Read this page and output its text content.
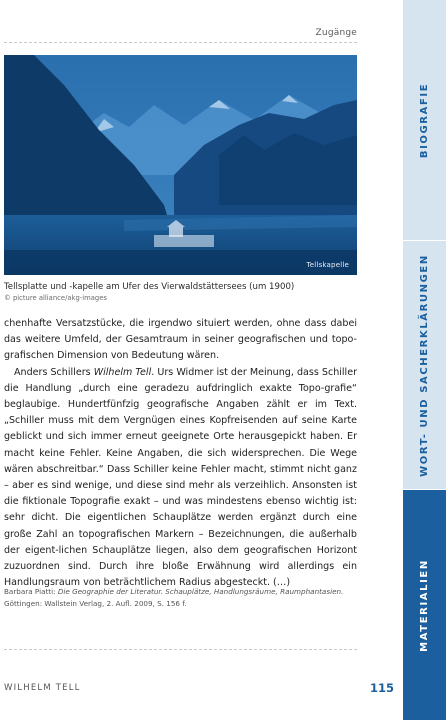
Zugänge
Tellskapelle
Tellsplatte und -kapelle am Ufer des Vierwaldstättersees (um 1900)
© picture alliance/akg-images

chenhafte Versatzstücke, die irgendwo situiert werden, ohne dass dabei das weitere Umfeld, der Gesamtraum in seiner geografischen und topo-grafischen Dimension von Bedeutung wären.

Anders Schillers Wilhelm Tell. Urs Widmer ist der Meinung, dass Schiller die Handlung „durch eine geradezu aufdringlich exakte Topo-grafie“ beglaubige. Hundertfünfzig geografische Angaben zählt er im Text. „Schiller muss mit dem Vergnügen eines Kopfreisenden auf seine Karte geblickt und sich immer erneut geeignete Orte herausgepickt haben. Er macht keine Fehler. Keine Angaben, die sich widersprechen. Die Wege wären abschreitbar.“ Dass Schiller keine Fehler macht, stimmt nicht ganz – aber es sind wenige, und diese sind mehr als verzeihlich. Ansonsten ist die fiktionale Topografie exakt – und was mindestens ebenso wichtig ist: sehr dicht. Die eigentlichen Schauplätze werden ergänzt durch eine große Zahl an topografischen Markern – Bezeichnungen, die außerhalb der eigent-lichen Schauplätze liegen, also dem geografischen Horizont zuzuordnen sind. Durch ihre bloße Erwähnung wird allerdings ein Handlungsraum von beträchtlichem Radius abgesteckt. (…)

Barbara Piatti: Die Geographie der Literatur. Schauplätze, Handlungsräume, Raumphantasien.

Göttingen: Wallstein Verlag, 2. Aufl. 2009, S. 156 f.

WILHELM TELL	115
BIOGRAFIE
WORT- UND SACHERKLÄRUNGEN
MATERIALIEN
